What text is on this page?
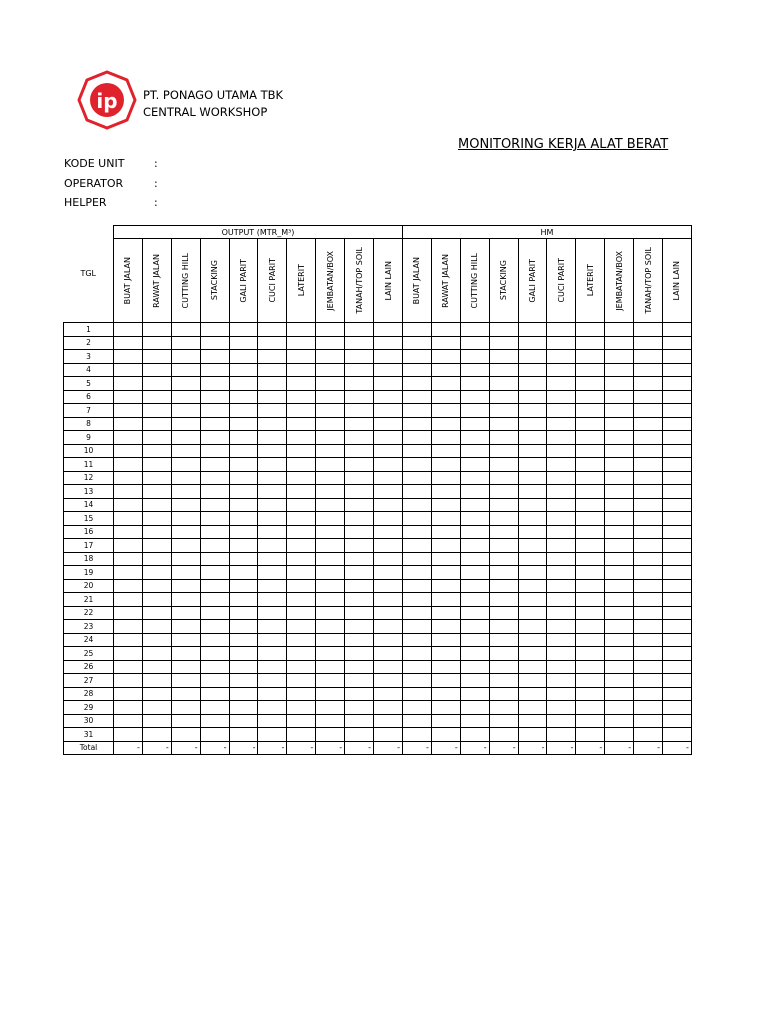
ip PT. PONAGO UTAMA TBK
CENTRAL WORKSHOP
MONITORING KERJA ALAT BERAT
KODE UNIT	:
OPERATOR	:
HELPER	:
TGL	OUTPUT (MTR_M³)										HM									

	BUAT JALAN	RAWAT JALAN	CUTTING HILL	STACKING	GALI PARIT	CUCI PARIT	LATERIT	JEMBATAN/BOX	TANAH/TOP SOIL	LAIN LAIN	BUAT JALAN	RAWAT JALAN	CUTTING HILL	STACKING	GALI PARIT	CUCI PARIT	LATERIT	JEMBATAN/BOX	TANAH/TOP SOIL	LAIN LAIN

1																				
2																				
3																				
4																				
5																				
6																				
7																				
8																				
9																				
10																				
11																				
12																				
13																				
14																				
15																				
16																				
17																				
18																				
19																				
20																				
21																				
22																				
23																				
24																				
25																				
26																				
27																				
28																				
29																				
30																				
31																				
Total	-	-	-	-	-	-	-	-	-	-	-	-	-	-	-	-	-	-	-	-
